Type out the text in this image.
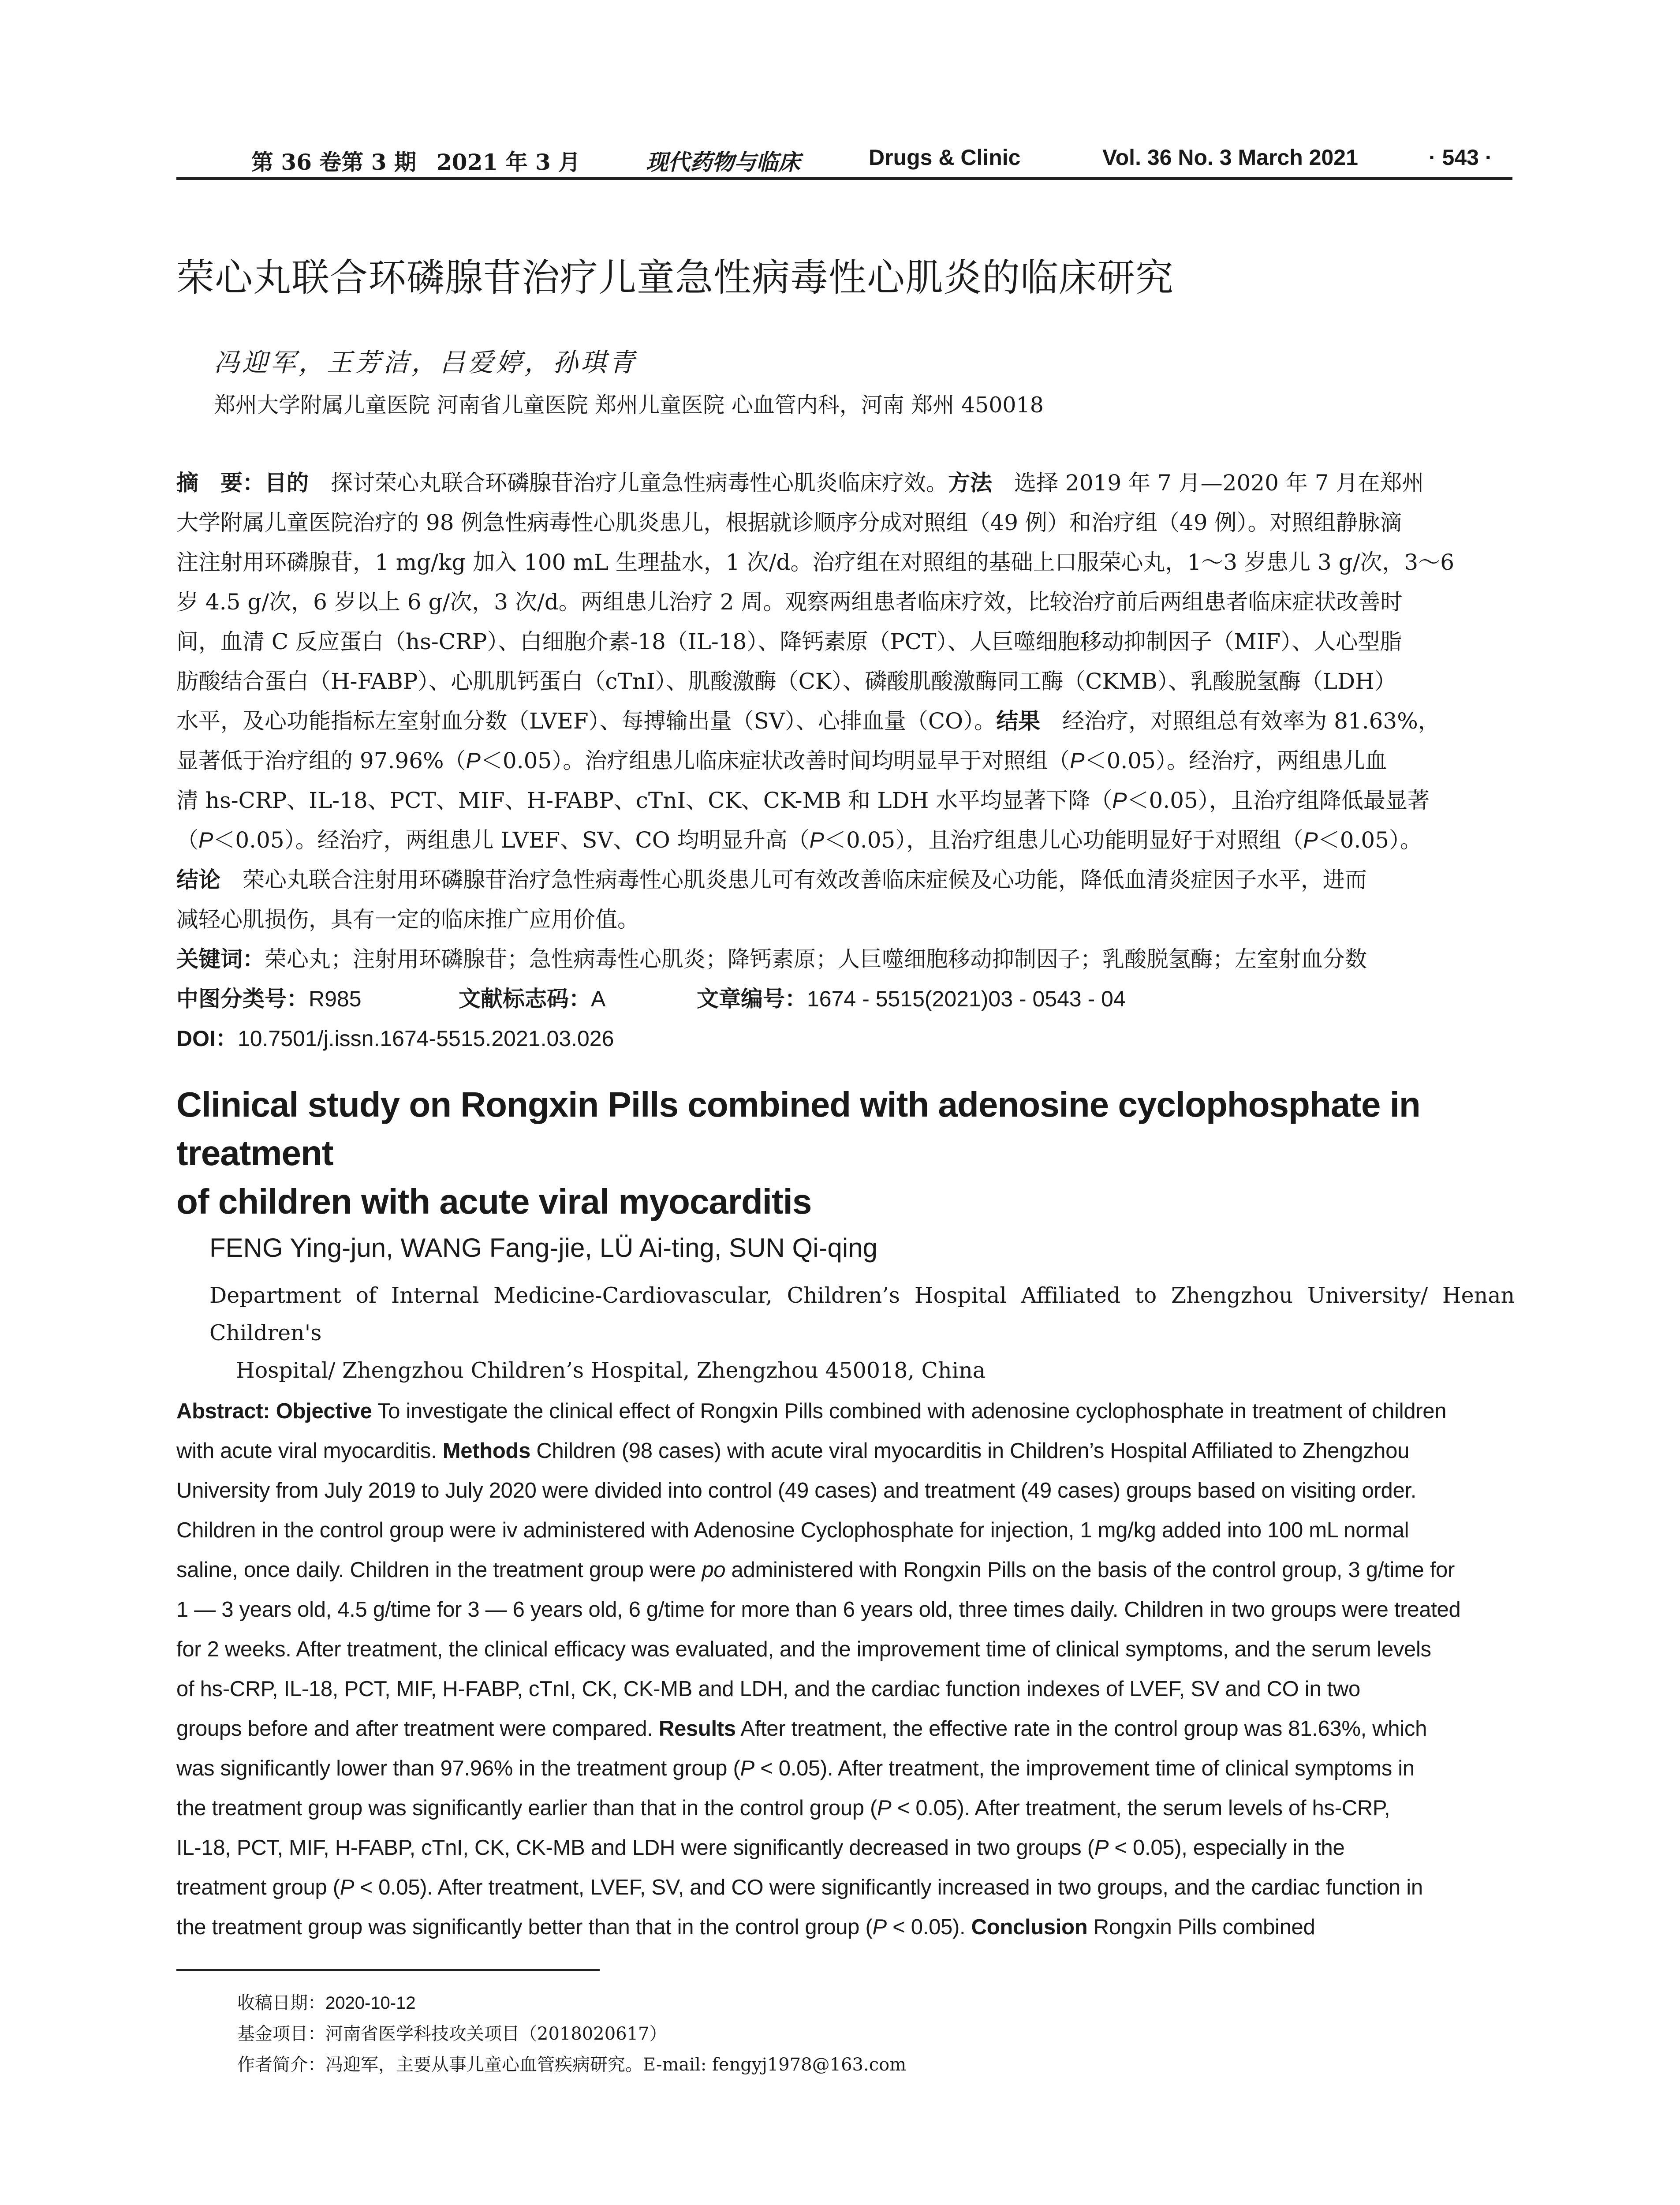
第 36 卷第 3 期 2021 年 3 月	现代药物与临床	Drugs & Clinic	Vol. 36 No. 3 March 2021	· 543 ·
荣心丸联合环磷腺苷治疗儿童急性病毒性心肌炎的临床研究
冯迎军，王芳洁，吕爱婷，孙琪青
郑州大学附属儿童医院 河南省儿童医院 郑州儿童医院 心血管内科，河南 郑州 450018
摘　要：目的　探讨荣心丸联合环磷腺苷治疗儿童急性病毒性心肌炎临床疗效。方法　选择 2019 年 7 月—2020 年 7 月在郑州
大学附属儿童医院治疗的 98 例急性病毒性心肌炎患儿，根据就诊顺序分成对照组（49 例）和治疗组（49 例）。对照组静脉滴
注注射用环磷腺苷，1 mg/kg 加入 100 mL 生理盐水，1 次/d。治疗组在对照组的基础上口服荣心丸，1～3 岁患儿 3 g/次，3～6
岁 4.5 g/次，6 岁以上 6 g/次，3 次/d。两组患儿治疗 2 周。观察两组患者临床疗效，比较治疗前后两组患者临床症状改善时
间，血清 C 反应蛋白（hs-CRP）、白细胞介素-18（IL-18）、降钙素原（PCT）、人巨噬细胞移动抑制因子（MIF）、人心型脂
肪酸结合蛋白（H-FABP）、心肌肌钙蛋白（cTnI）、肌酸激酶（CK）、磷酸肌酸激酶同工酶（CKMB）、乳酸脱氢酶（LDH）
水平，及心功能指标左室射血分数（LVEF）、每搏输出量（SV）、心排血量（CO）。结果　经治疗，对照组总有效率为 81.63%，
显著低于治疗组的 97.96%（P＜0.05）。治疗组患儿临床症状改善时间均明显早于对照组（P＜0.05）。经治疗，两组患儿血
清 hs-CRP、IL-18、PCT、MIF、H-FABP、cTnI、CK、CK-MB 和 LDH 水平均显著下降（P＜0.05），且治疗组降低最显著
（P＜0.05）。经治疗，两组患儿 LVEF、SV、CO 均明显升高（P＜0.05），且治疗组患儿心功能明显好于对照组（P＜0.05）。
结论　荣心丸联合注射用环磷腺苷治疗急性病毒性心肌炎患儿可有效改善临床症候及心功能，降低血清炎症因子水平，进而
减轻心肌损伤，具有一定的临床推广应用价值。
关键词：荣心丸；注射用环磷腺苷；急性病毒性心肌炎；降钙素原；人巨噬细胞移动抑制因子；乳酸脱氢酶；左室射血分数
中图分类号：R985	文献标志码：A	文章编号：1674 - 5515(2021)03 - 0543 - 04
DOI：10.7501/j.issn.1674-5515.2021.03.026
Clinical study on Rongxin Pills combined with adenosine cyclophosphate in treatment
of children with acute viral myocarditis
FENG Ying-jun, WANG Fang-jie, LÜ Ai-ting, SUN Qi-qing
Department of Internal Medicine-Cardiovascular, Children’s Hospital Affiliated to Zhengzhou University/ Henan Children's
Hospital/ Zhengzhou Children’s Hospital, Zhengzhou 450018, China
Abstract: Objective To investigate the clinical effect of Rongxin Pills combined with adenosine cyclophosphate in treatment of children
with acute viral myocarditis. Methods Children (98 cases) with acute viral myocarditis in Children’s Hospital Affiliated to Zhengzhou
University from July 2019 to July 2020 were divided into control (49 cases) and treatment (49 cases) groups based on visiting order.
Children in the control group were iv administered with Adenosine Cyclophosphate for injection, 1 mg/kg added into 100 mL normal
saline, once daily. Children in the treatment group were po administered with Rongxin Pills on the basis of the control group, 3 g/time for
1 — 3 years old, 4.5 g/time for 3 — 6 years old, 6 g/time for more than 6 years old, three times daily. Children in two groups were treated
for 2 weeks. After treatment, the clinical efficacy was evaluated, and the improvement time of clinical symptoms, and the serum levels
of hs-CRP, IL-18, PCT, MIF, H-FABP, cTnI, CK, CK-MB and LDH, and the cardiac function indexes of LVEF, SV and CO in two
groups before and after treatment were compared. Results After treatment, the effective rate in the control group was 81.63%, which
was significantly lower than 97.96% in the treatment group (P < 0.05). After treatment, the improvement time of clinical symptoms in
the treatment group was significantly earlier than that in the control group (P < 0.05). After treatment, the serum levels of hs-CRP,
IL-18, PCT, MIF, H-FABP, cTnI, CK, CK-MB and LDH were significantly decreased in two groups (P < 0.05), especially in the
treatment group (P < 0.05). After treatment, LVEF, SV, and CO were significantly increased in two groups, and the cardiac function in
the treatment group was significantly better than that in the control group (P < 0.05). Conclusion Rongxin Pills combined
收稿日期：2020-10-12
基金项目：河南省医学科技攻关项目（2018020617）
作者简介：冯迎军，主要从事儿童心血管疾病研究。E-mail: fengyj1978@163.com
